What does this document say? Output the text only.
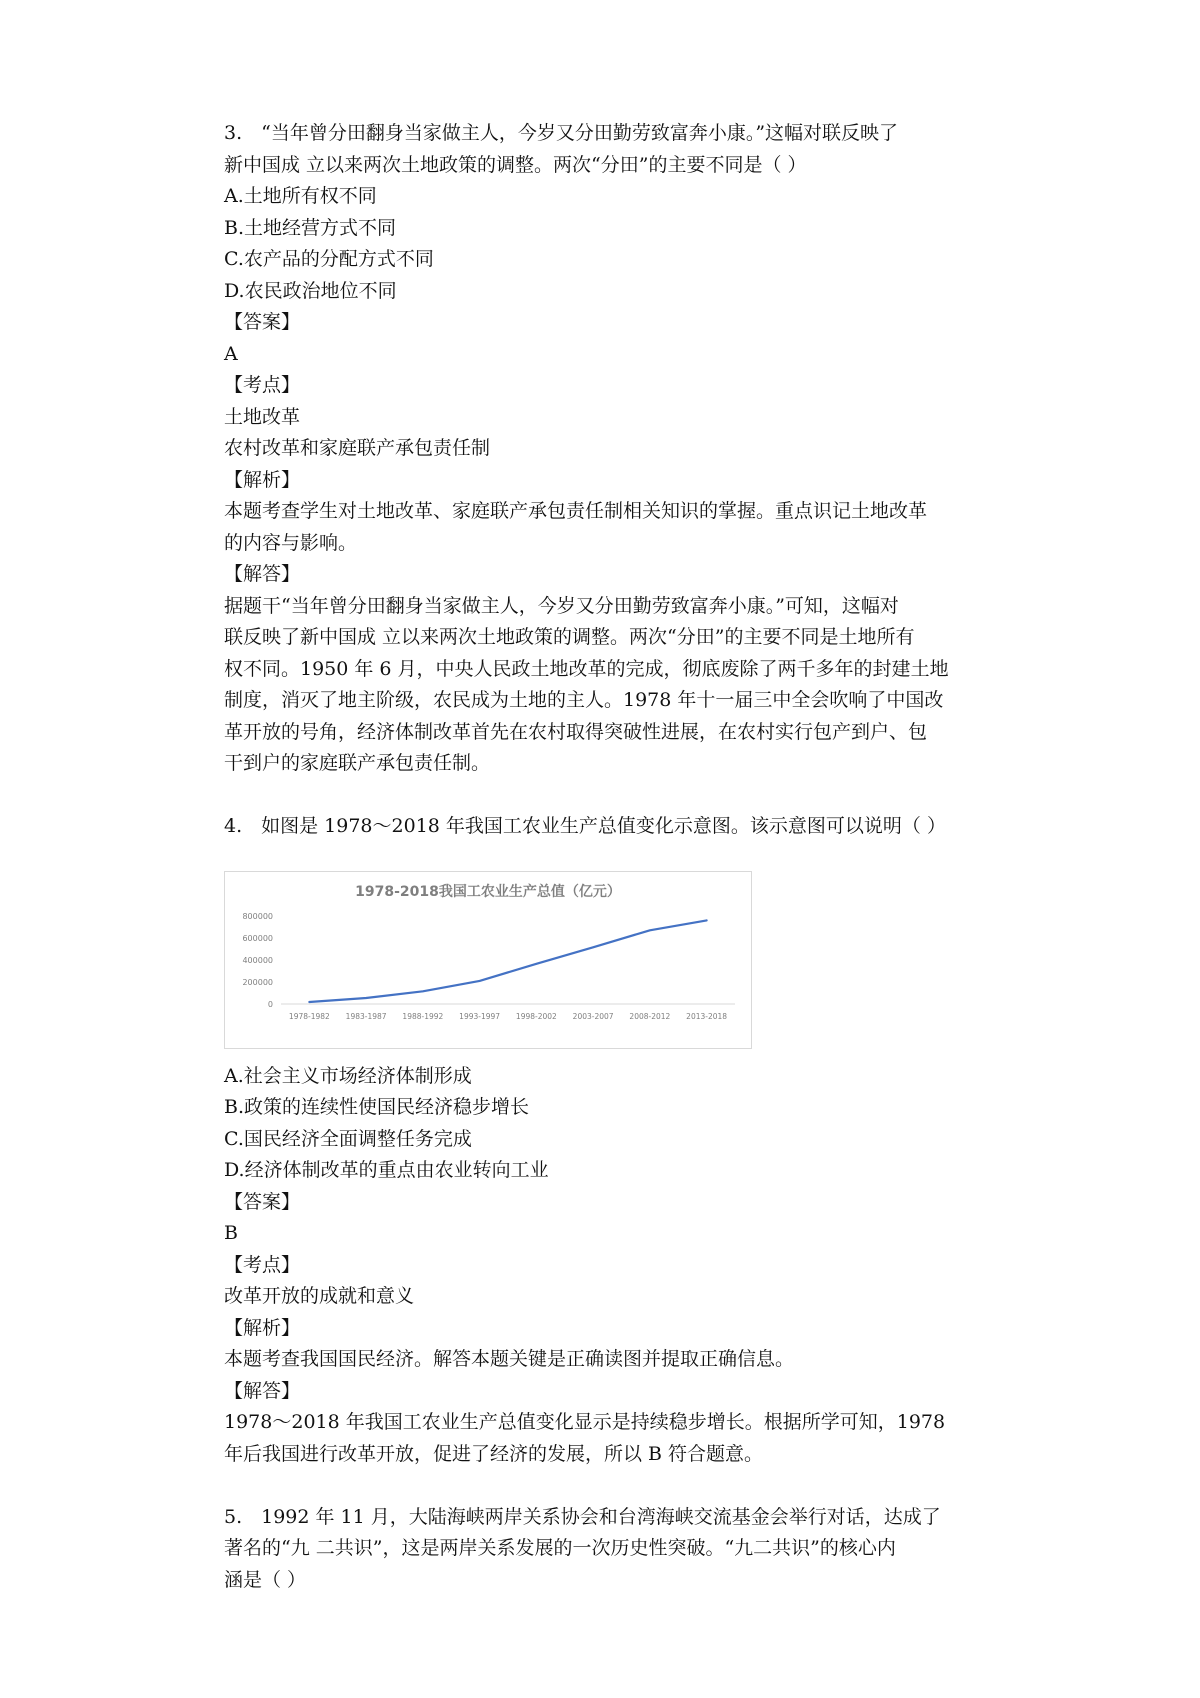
3.　“当年曾分田翻身当家做主人，今岁又分田勤劳致富奔小康。”这幅对联反映了
新中国成 立以来两次土地政策的调整。两次“分田”的主要不同是（ ）
A.土地所有权不同
B.土地经营方式不同
C.农产品的分配方式不同
D.农民政治地位不同
【答案】
A
【考点】
土地改革
农村改革和家庭联产承包责任制
【解析】
本题考查学生对土地改革、家庭联产承包责任制相关知识的掌握。重点识记土地改革
的内容与影响。
【解答】
据题干“当年曾分田翻身当家做主人，今岁又分田勤劳致富奔小康。”可知，这幅对
联反映了新中国成 立以来两次土地政策的调整。两次“分田”的主要不同是土地所有
权不同。1950 年 6 月，中央人民政土地改革的完成，彻底废除了两千多年的封建土地
制度，消灭了地主阶级，农民成为土地的主人。1978 年十一届三中全会吹响了中国改
革开放的号角，经济体制改革首先在农村取得突破性进展，在农村实行包产到户、包
干到户的家庭联产承包责任制。
4.　如图是 1978～2018 年我国工农业生产总值变化示意图。该示意图可以说明（ ）
1978-2018我国工农业生产总值（亿元）
0
200000
400000
600000
800000
1978-1982 1983-1987 1988-1992 1993-1997 1998-2002 2003-2007 2008-2012 2013-2018
A.社会主义市场经济体制形成
B.政策的连续性使国民经济稳步增长
C.国民经济全面调整任务完成
D.经济体制改革的重点由农业转向工业
【答案】
B
【考点】
改革开放的成就和意义
【解析】
本题考查我国国民经济。解答本题关键是正确读图并提取正确信息。
【解答】
1978～2018 年我国工农业生产总值变化显示是持续稳步增长。根据所学可知，1978
年后我国进行改革开放，促进了经济的发展，所以 B 符合题意。
5.　1992 年 11 月，大陆海峡两岸关系协会和台湾海峡交流基金会举行对话，达成了
著名的“九 二共识”，这是两岸关系发展的一次历史性突破。“九二共识”的核心内
涵是（ ）
